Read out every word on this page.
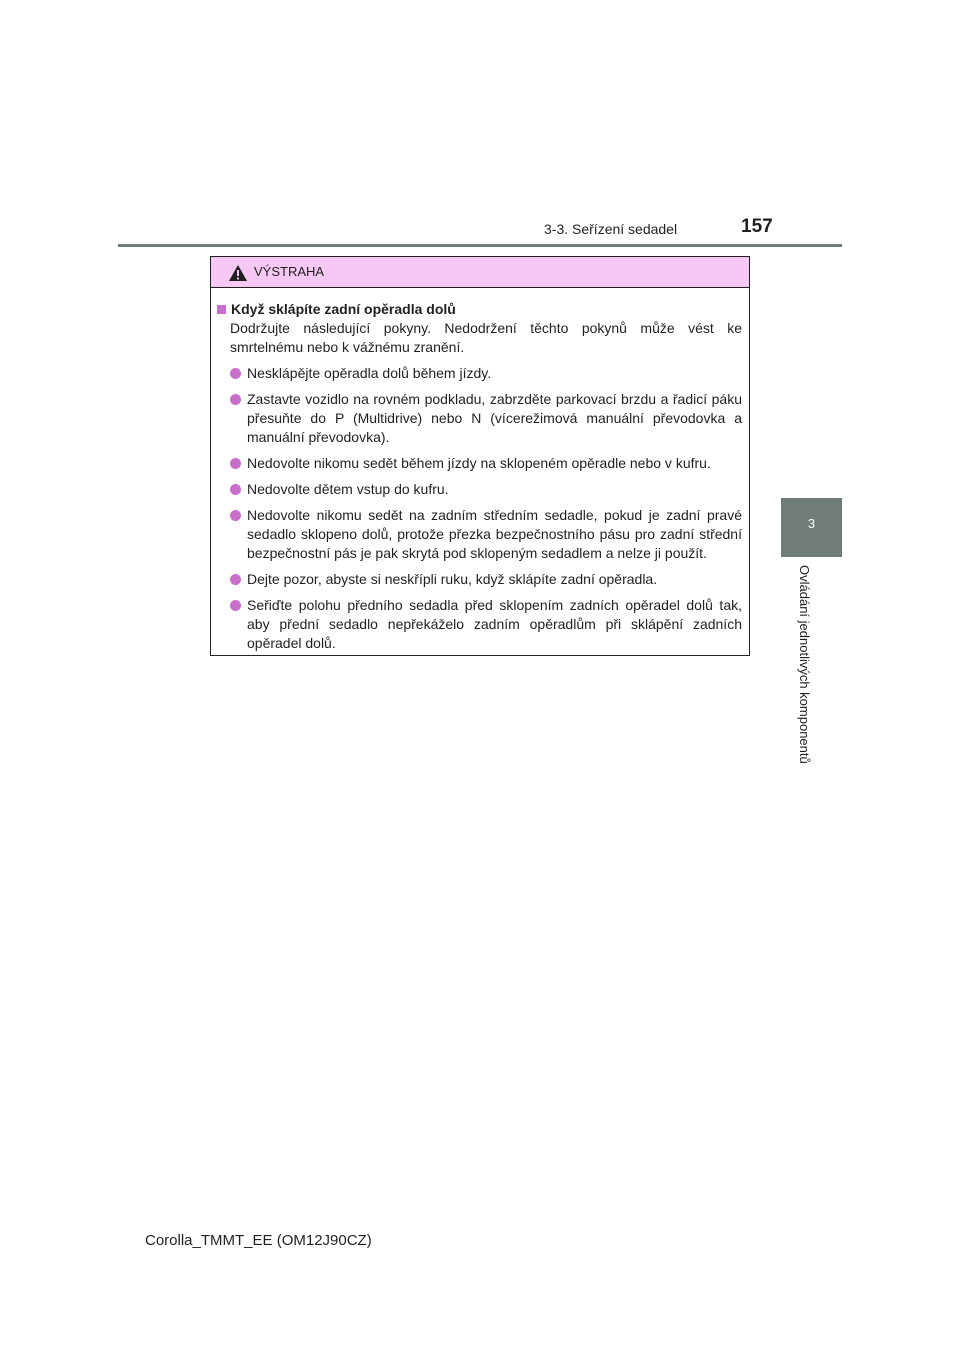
3-3. Seřízení sedadel	157
3
Ovládání jednotlivých komponentů
VÝSTRAHA
Když sklápíte zadní opěradla dolů
Dodržujte následující pokyny. Nedodržení těchto pokynů může vést ke smrtelnému nebo k vážnému zranění.
Nesklápějte opěradla dolů během jízdy.
Zastavte vozidlo na rovném podkladu, zabrzděte parkovací brzdu a řadicí páku přesuňte do P (Multidrive) nebo N (vícerežimová manuální převodovka a manuální převodovka).
Nedovolte nikomu sedět během jízdy na sklopeném opěradle nebo v kufru.
Nedovolte dětem vstup do kufru.
Nedovolte nikomu sedět na zadním středním sedadle, pokud je zadní pravé sedadlo sklopeno dolů, protože přezka bezpečnostního pásu pro zadní střední bezpečnostní pás je pak skrytá pod sklopeným sedadlem a nelze ji použít.
Dejte pozor, abyste si neskřípli ruku, když sklápíte zadní opěradla.
Seřiďte polohu předního sedadla před sklopením zadních opěradel dolů tak, aby přední sedadlo nepřekáželo zadním opěradlům při sklápění zadních opěradel dolů.
Corolla_TMMT_EE (OM12J90CZ)
